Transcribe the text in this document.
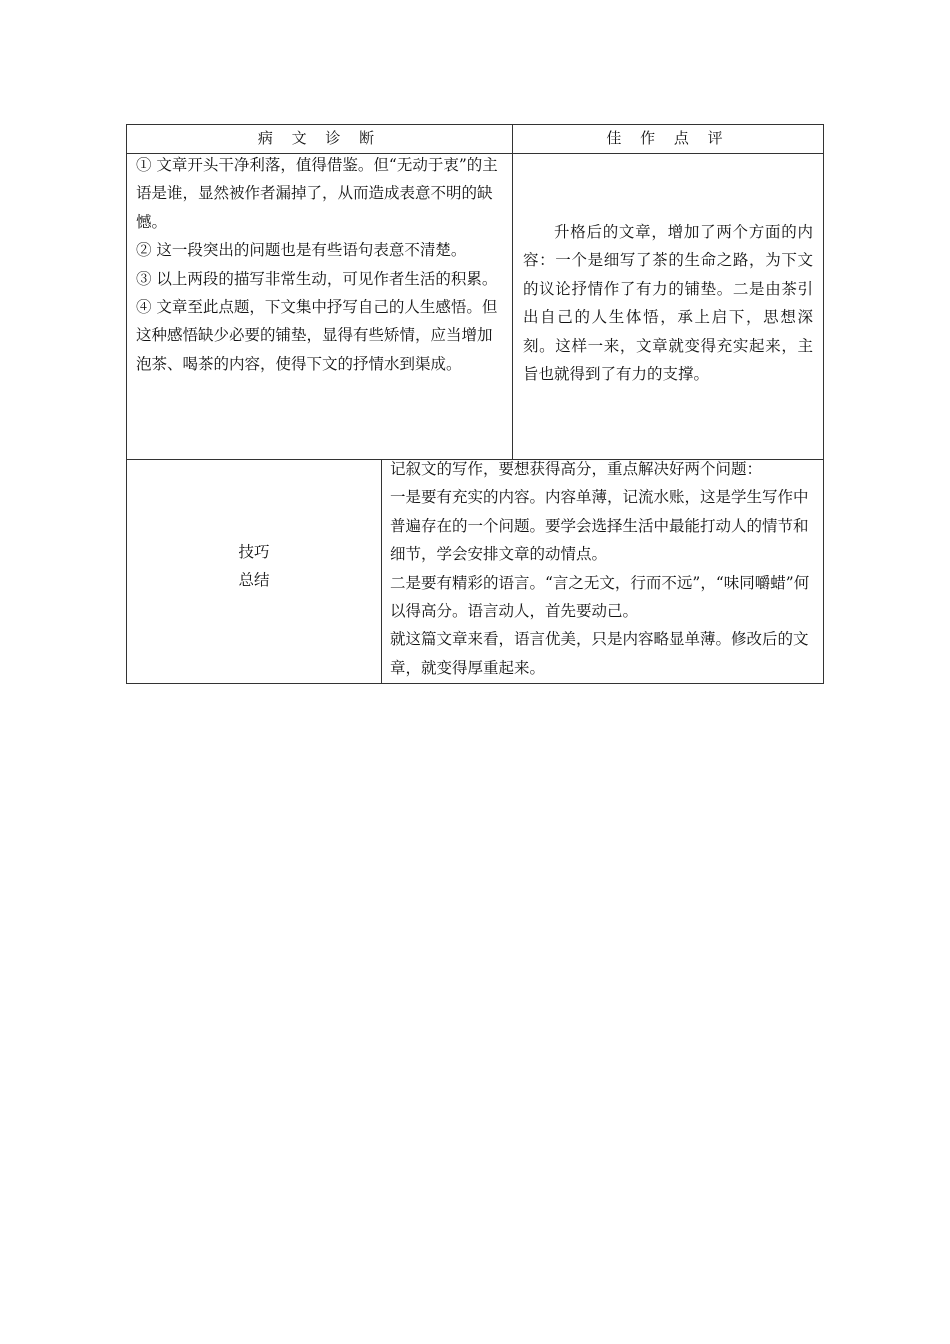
病 文 诊 断	佳 作 点 评

① 文章开头干净利落，值得借鉴。但“无动于衷”的主语是谁，显然被作者漏掉了，从而造成表意不明的缺憾。

② 这一段突出的问题也是有些语句表意不清楚。

③ 以上两段的描写非常生动，可见作者生活的积累。

④ 文章至此点题，下文集中抒写自己的人生感悟。但这种感悟缺少必要的铺垫，显得有些矫情，应当增加泡茶、喝茶的内容，使得下文的抒情水到渠成。

升格后的文章，增加了两个方面的内容：一个是细写了茶的生命之路，为下文的议论抒情作了有力的铺垫。二是由茶引出自己的人生体悟，承上启下，思想深刻。这样一来，文章就变得充实起来，主旨也就得到了有力的支撑。

技巧
总结

记叙文的写作，要想获得高分，重点解决好两个问题：

一是要有充实的内容。内容单薄，记流水账，这是学生写作中普遍存在的一个问题。要学会选择生活中最能打动人的情节和细节，学会安排文章的动情点。

二是要有精彩的语言。“言之无文，行而不远”，“味同嚼蜡”何以得高分。语言动人，首先要动己。

就这篇文章来看，语言优美，只是内容略显单薄。修改后的文章，就变得厚重起来。
